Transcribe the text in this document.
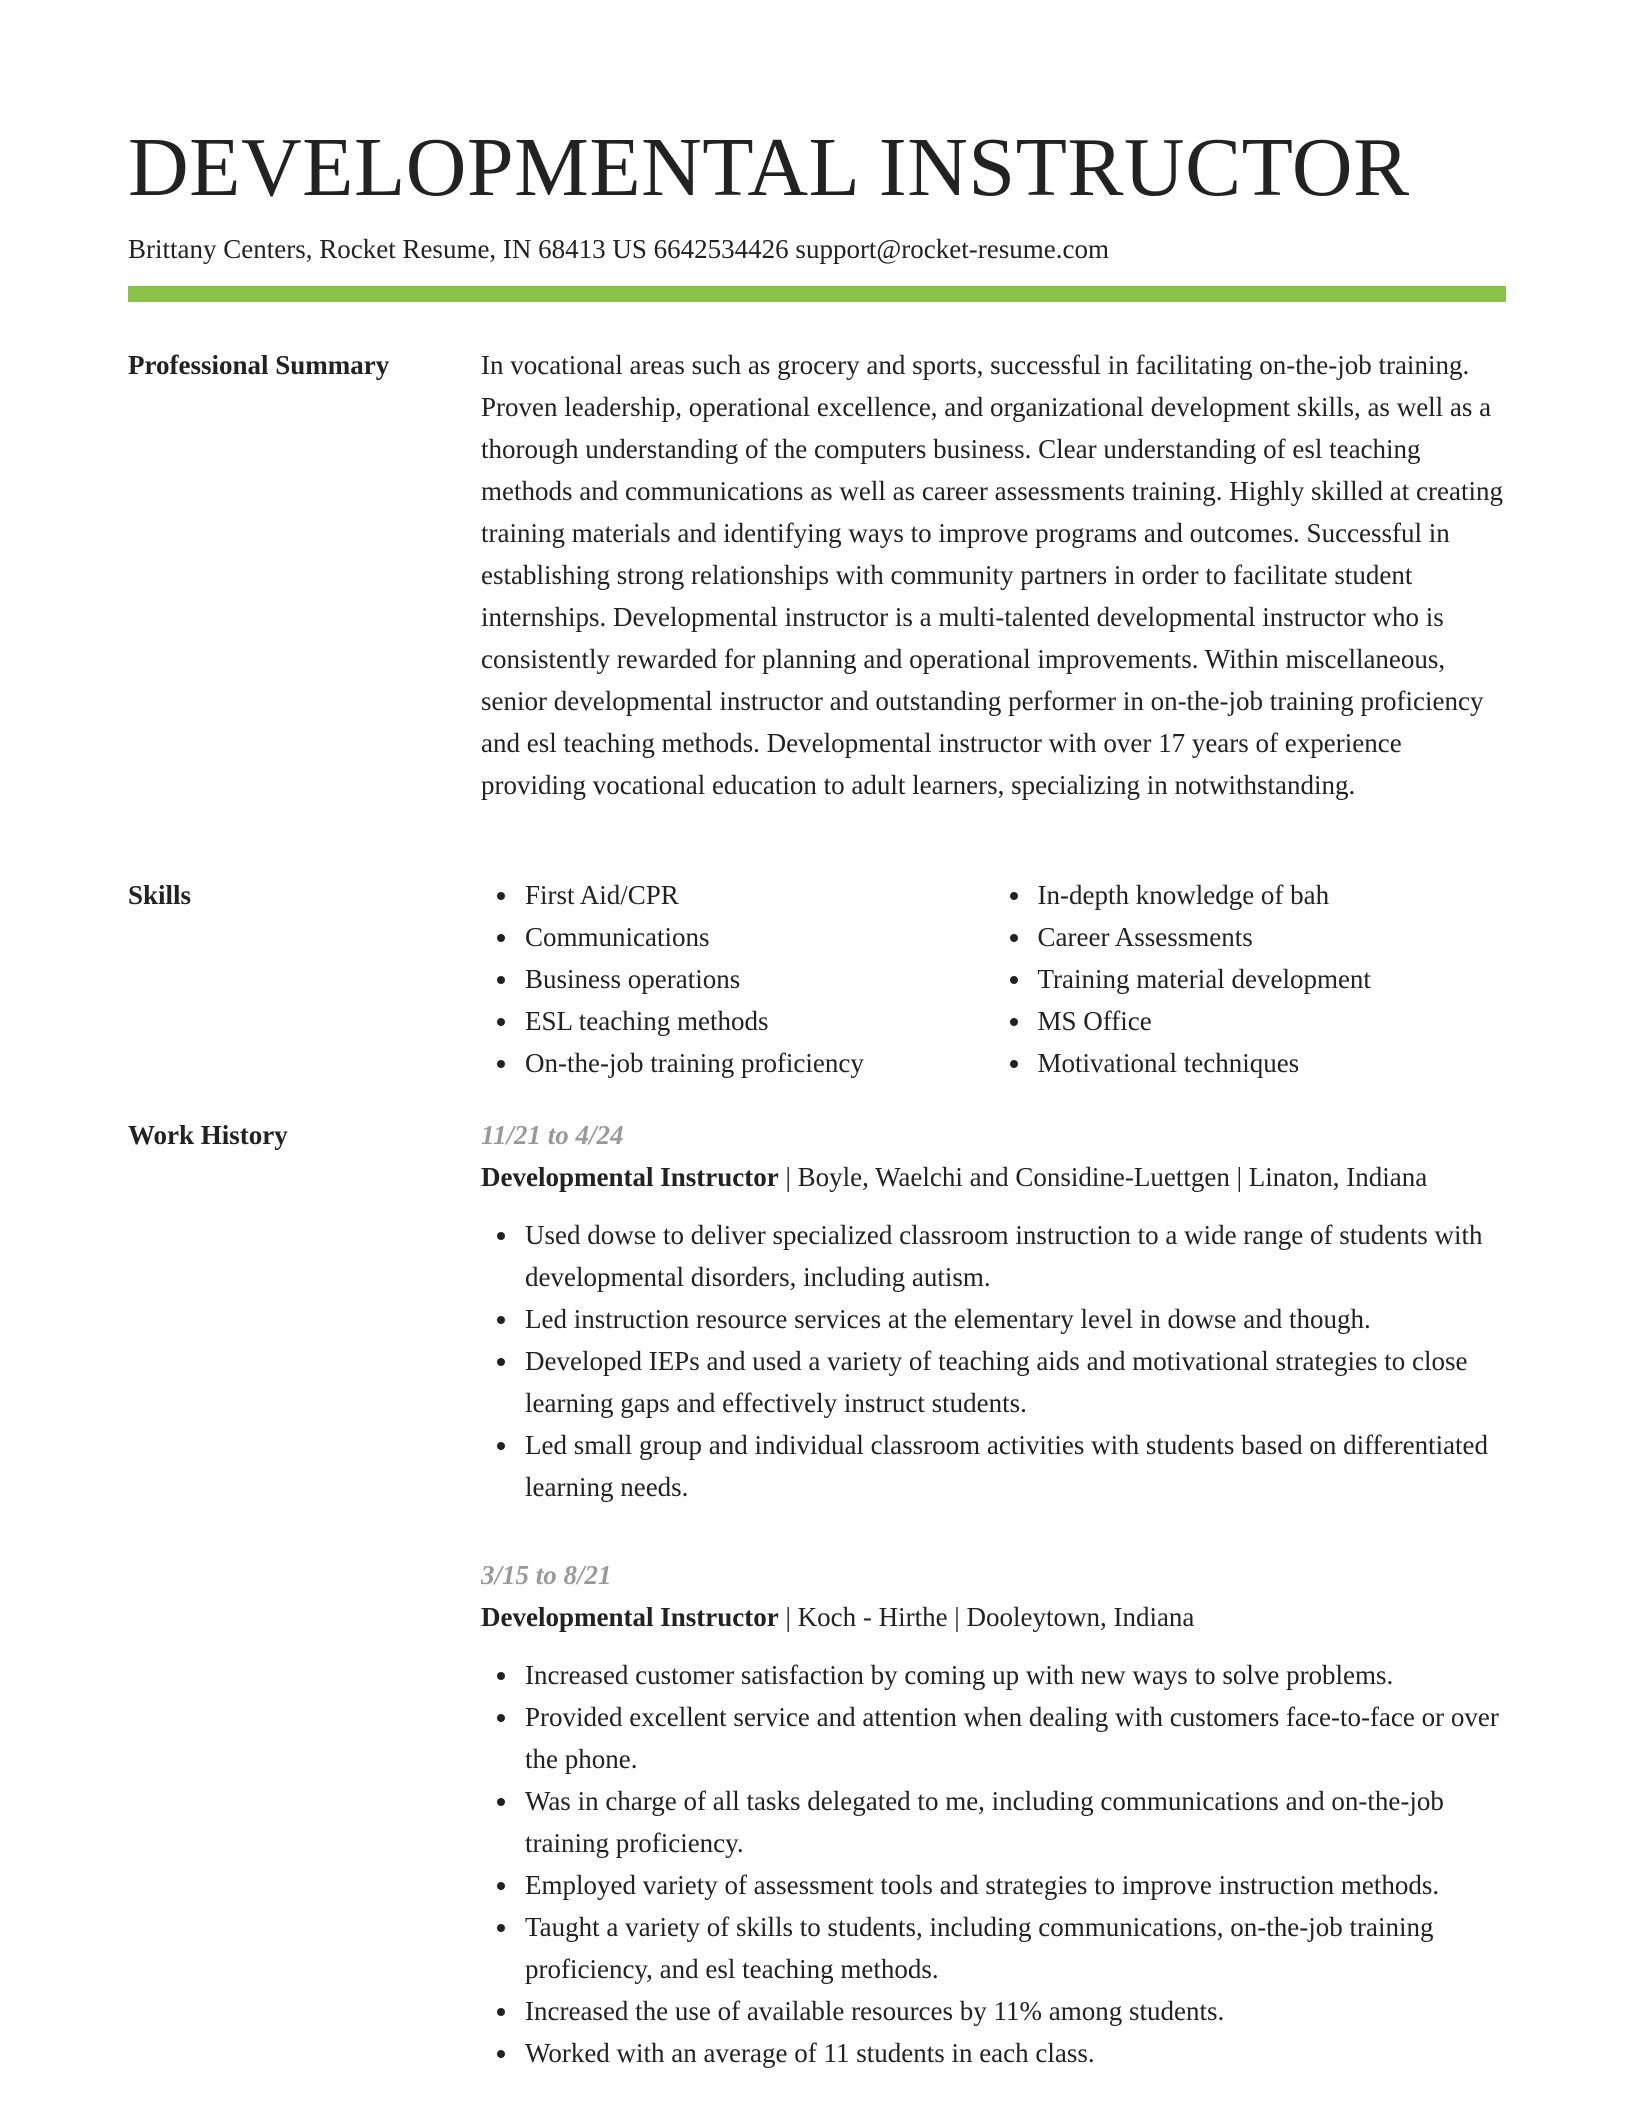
DEVELOPMENTAL INSTRUCTOR
Brittany Centers, Rocket Resume, IN 68413 US 6642534426 support@rocket-resume.com
Professional Summary	In vocational areas such as grocery and sports, successful in facilitating on-the-job training. Proven leadership, operational excellence, and organizational development skills, as well as a thorough understanding of the computers business. Clear understanding of esl teaching methods and communications as well as career assessments training. Highly skilled at creating training materials and identifying ways to improve programs and outcomes. Successful in establishing strong relationships with community partners in order to facilitate student internships. Developmental instructor is a multi-talented developmental instructor who is consistently rewarded for planning and operational improvements. Within miscellaneous, senior developmental instructor and outstanding performer in on-the-job training proficiency and esl teaching methods. Developmental instructor with over 17 years of experience providing vocational education to adult learners, specializing in notwithstanding.

Skills	First Aid/CPR
Communications
Business operations
ESL teaching methods
On-the-job training proficiency
In-depth knowledge of bah
Career Assessments
Training material development
MS Office
Motivational techniques
Work History	11/21 to 4/24
Developmental Instructor | Boyle, Waelchi and Considine-Luettgen | Linaton, Indiana
Used dowse to deliver specialized classroom instruction to a wide range of students with developmental disorders, including autism.
Led instruction resource services at the elementary level in dowse and though.
Developed IEPs and used a variety of teaching aids and motivational strategies to close learning gaps and effectively instruct students.
Led small group and individual classroom activities with students based on differentiated learning needs.
3/15 to 8/21
Developmental Instructor | Koch - Hirthe | Dooleytown, Indiana
Increased customer satisfaction by coming up with new ways to solve problems.
Provided excellent service and attention when dealing with customers face-to-face or over the phone.
Was in charge of all tasks delegated to me, including communications and on-the-job training proficiency.
Employed variety of assessment tools and strategies to improve instruction methods.
Taught a variety of skills to students, including communications, on-the-job training proficiency, and esl teaching methods.
Increased the use of available resources by 11% among students.
Worked with an average of 11 students in each class.
